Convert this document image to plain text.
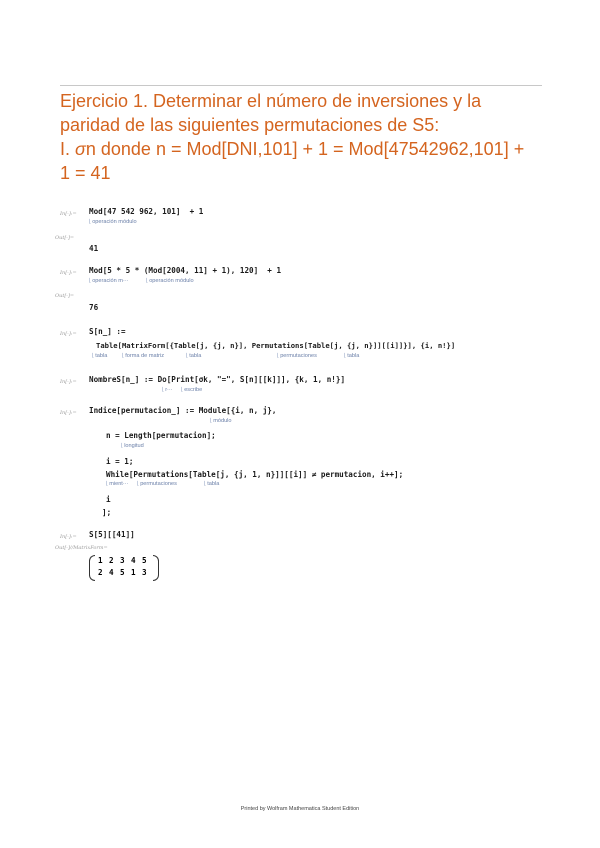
Ejercicio 1. Determinar el número de inversiones y la
paridad de las siguientes permutaciones de S5:
I. σn donde n = Mod[DNI,101] + 1 = Mod[47542962,101] +
1 = 41
In[-]:= Mod[47 542 962, 101]  + 1
⌊ operación módulo
Out[-]=
41
In[-]:= Mod[5 * 5 * (Mod[2004, 11] + 1), 120]  + 1
⌊ operación m···	⌊ operación módulo
Out[-]=
76
In[-]:= S[n_] :=
Table[MatrixForm[{Table[j, {j, n}], Permutations[Table[j, {j, n}]][[i]]}], {i, n!}]
⌊ tabla	⌊ forma de matriz	⌊ tabla	⌊ permutaciones	⌊ tabla
In[-]:= NombreS[n_] := Do[Print[σk, "=", S[n][[k]]], {k, 1, n!}]
⌊ r···	⌊ escribe
In[-]:= Indice[permutacion_] := Module[{i, n, j},
⌊ módulo
n = Length[permutacion];
⌊ longitud
i = 1;
While[Permutations[Table[j, {j, 1, n}]][[i]] ≠ permutacion, i++];
⌊ mient···	⌊ permutaciones	⌊ tabla
i
];
In[-]:= S[5][[41]]
Out[-]//MatrixForm=
1 2 3 4 5
2 4 5 1 3
Printed by Wolfram Mathematica Student Edition
